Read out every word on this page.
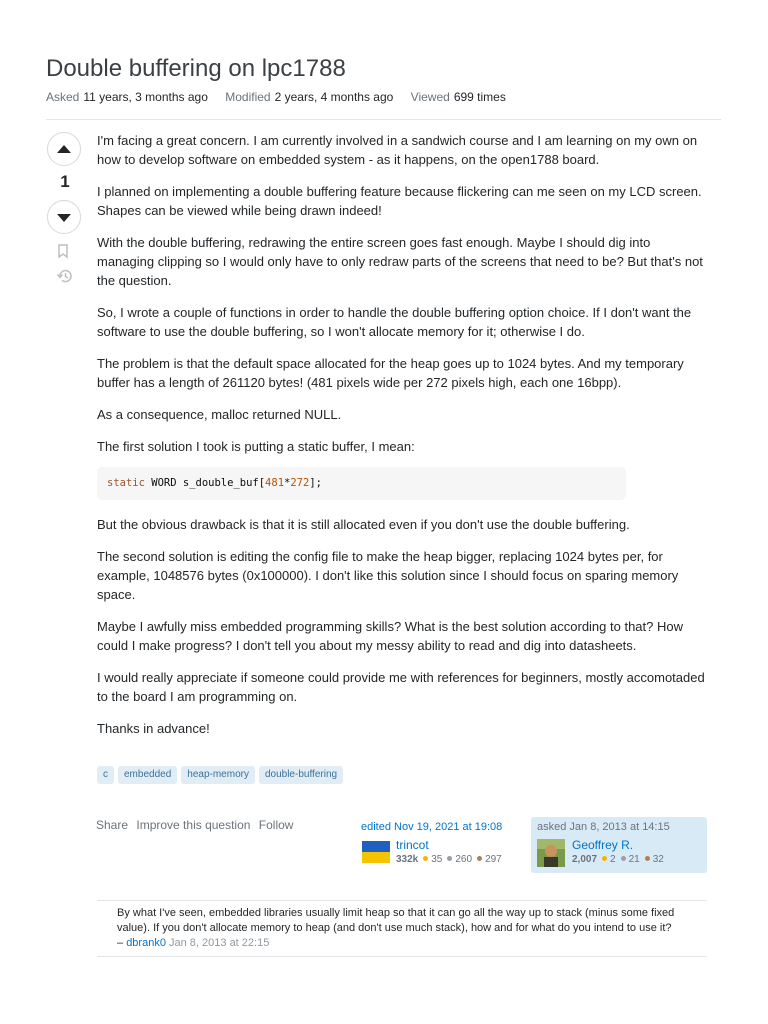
Double buffering on lpc1788
Asked 11 years, 3 months ago Modified 2 years, 4 months ago Viewed 699 times
1

I'm facing a great concern. I am currently involved in a sandwich course and I am learning on my own on how to develop software on embedded system - as it happens, on the open1788 board.

I planned on implementing a double buffering feature because flickering can me seen on my LCD screen. Shapes can be viewed while being drawn indeed!

With the double buffering, redrawing the entire screen goes fast enough. Maybe I should dig into managing clipping so I would only have to only redraw parts of the screens that need to be? But that's not the question.

So, I wrote a couple of functions in order to handle the double buffering option choice. If I don't want the software to use the double buffering, so I won't allocate memory for it; otherwise I do.

The problem is that the default space allocated for the heap goes up to 1024 bytes. And my temporary buffer has a length of 261120 bytes! (481 pixels wide per 272 pixels high, each one 16bpp).

As a consequence, malloc returned NULL.

The first solution I took is putting a static buffer, I mean:

static WORD s_double_buf[481*272];

But the obvious drawback is that it is still allocated even if you don't use the double buffering.

The second solution is editing the config file to make the heap bigger, replacing 1024 bytes per, for example, 1048576 bytes (0x100000). I don't like this solution since I should focus on sparing memory space.

Maybe I awfully miss embedded programming skills? What is the best solution according to that? How could I make progress? I don't tell you about my messy ability to read and dig into datasheets.

I would really appreciate if someone could provide me with references for beginners, mostly accomotaded to the board I am programming on.

Thanks in advance!

c embedded heap-memory double-buffering
Share Improve this question Follow	edited Nov 19, 2021 at 19:08
trincot
332k 35 260 297
asked Jan 8, 2013 at 14:15
Geoffrey R.
2,007 2 21 32
By what I've seen, embedded libraries usually limit heap so that it can go all the way up to stack (minus some fixed value). If you don't allocate memory to heap (and don't use much stack), how and for what do you intend to use it?
– dbrank0 Jan 8, 2013 at 22:15
